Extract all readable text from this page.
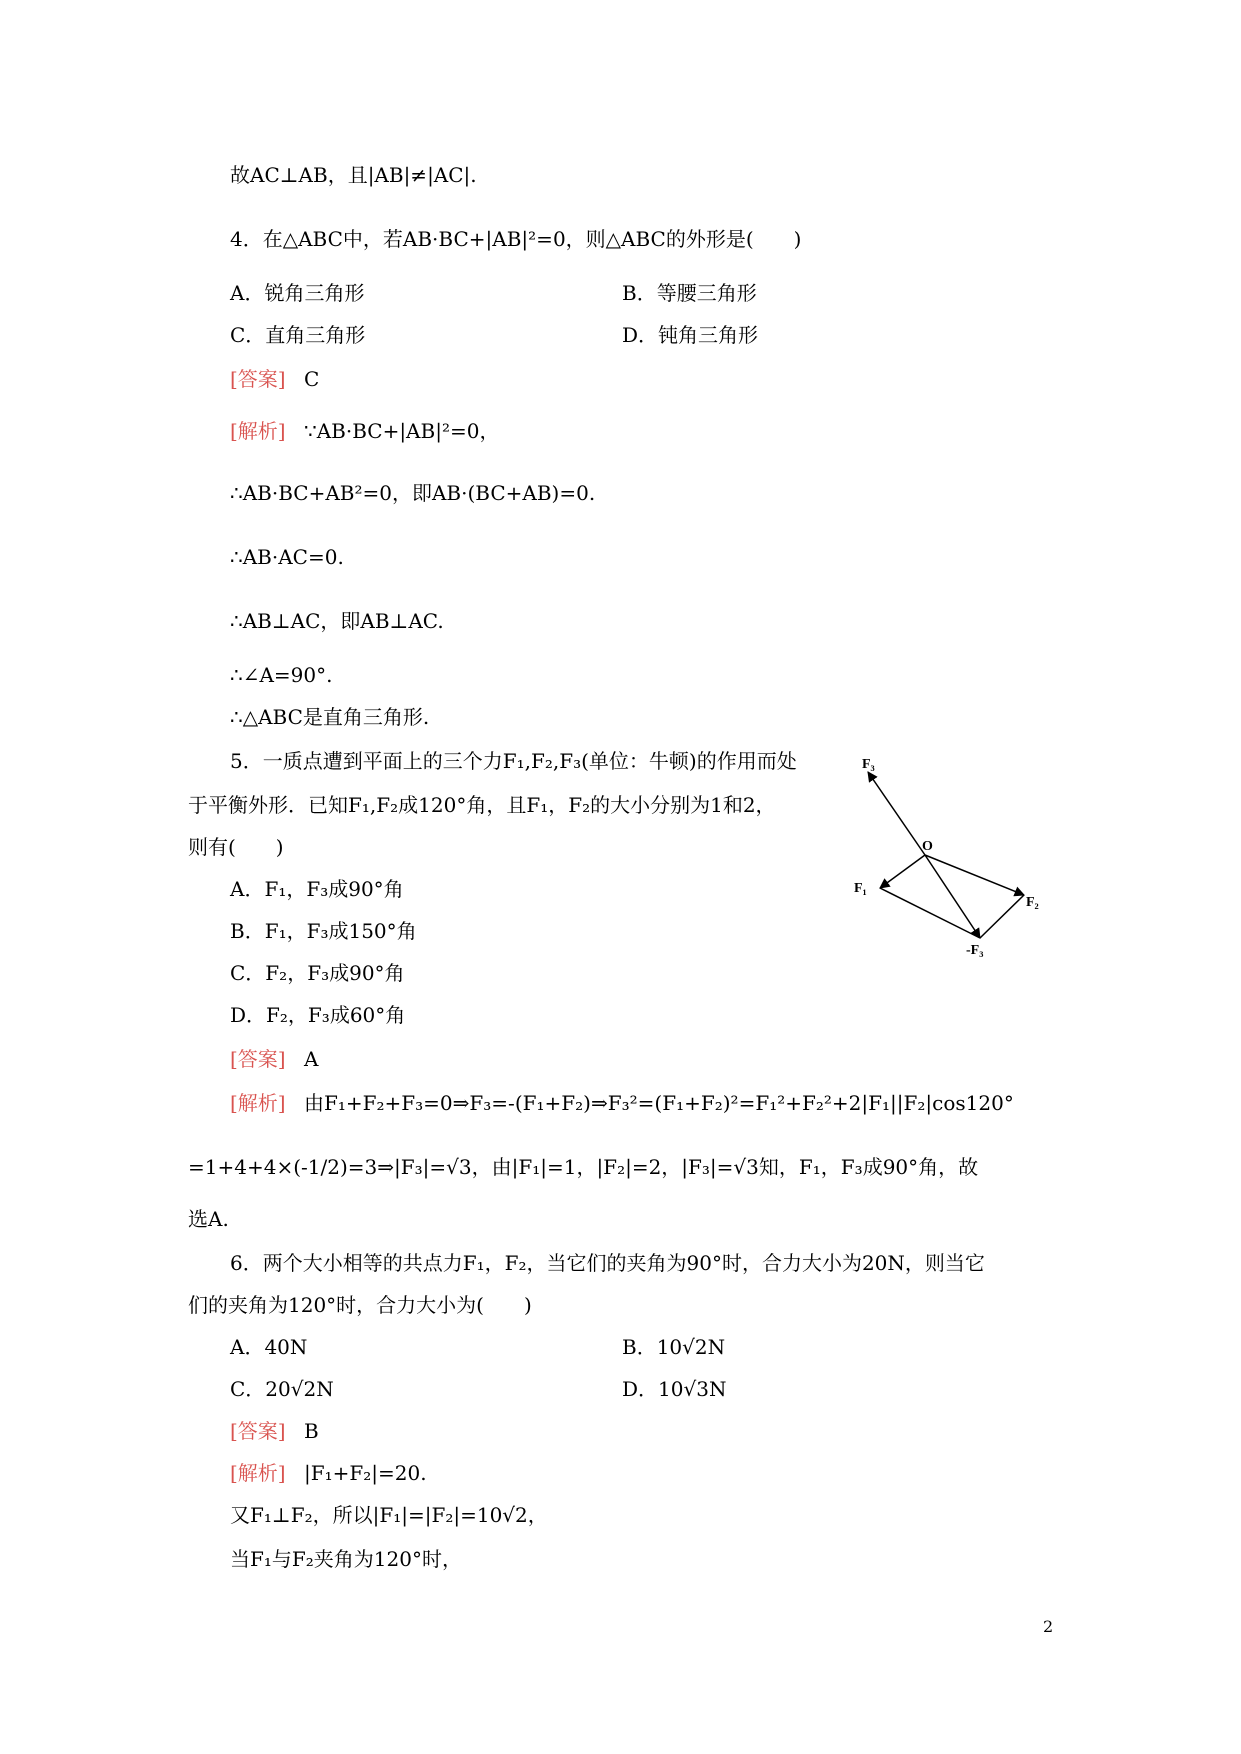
故AC⊥AB，且|AB|≠|AC|.
4．在△ABC中，若AB·BC+|AB|²=0，则△ABC的外形是(　　)
A．锐角三角形	B．等腰三角形
C．直角三角形	D．钝角三角形
[答案] C
[解析] ∵AB·BC+|AB|²=0，
∴AB·BC+AB²=0，即AB·(BC+AB)=0.
∴AB·AC=0.
∴AB⊥AC，即AB⊥AC.
∴∠A=90°.
∴△ABC是直角三角形.
5．一质点遭到平面上的三个力F₁,F₂,F₃(单位：牛顿)的作用而处
于平衡外形．已知F₁,F₂成120°角，且F₁，F₂的大小分别为1和2，
则有(　　)
A．F₁，F₃成90°角
B．F₁，F₃成150°角
C．F₂，F₃成90°角
D．F₂，F₃成60°角
F₃
O
F₁
F₂
-F₃
[答案] A
[解析] 由F₁+F₂+F₃=0⇒F₃=-(F₁+F₂)⇒F₃²=(F₁+F₂)²=F₁²+F₂²+2|F₁||F₂|cos120°
=1+4+4×(-1/2)=3⇒|F₃|=√3，由|F₁|=1，|F₂|=2，|F₃|=√3知，F₁，F₃成90°角，故
选A.
6．两个大小相等的共点力F₁，F₂，当它们的夹角为90°时，合力大小为20N，则当它
们的夹角为120°时，合力大小为(　　)
A．40N	B．10√2N
C．20√2N	D．10√3N
[答案] B
[解析] |F₁+F₂|=20.
又F₁⊥F₂，所以|F₁|=|F₂|=10√2，
当F₁与F₂夹角为120°时，
2
